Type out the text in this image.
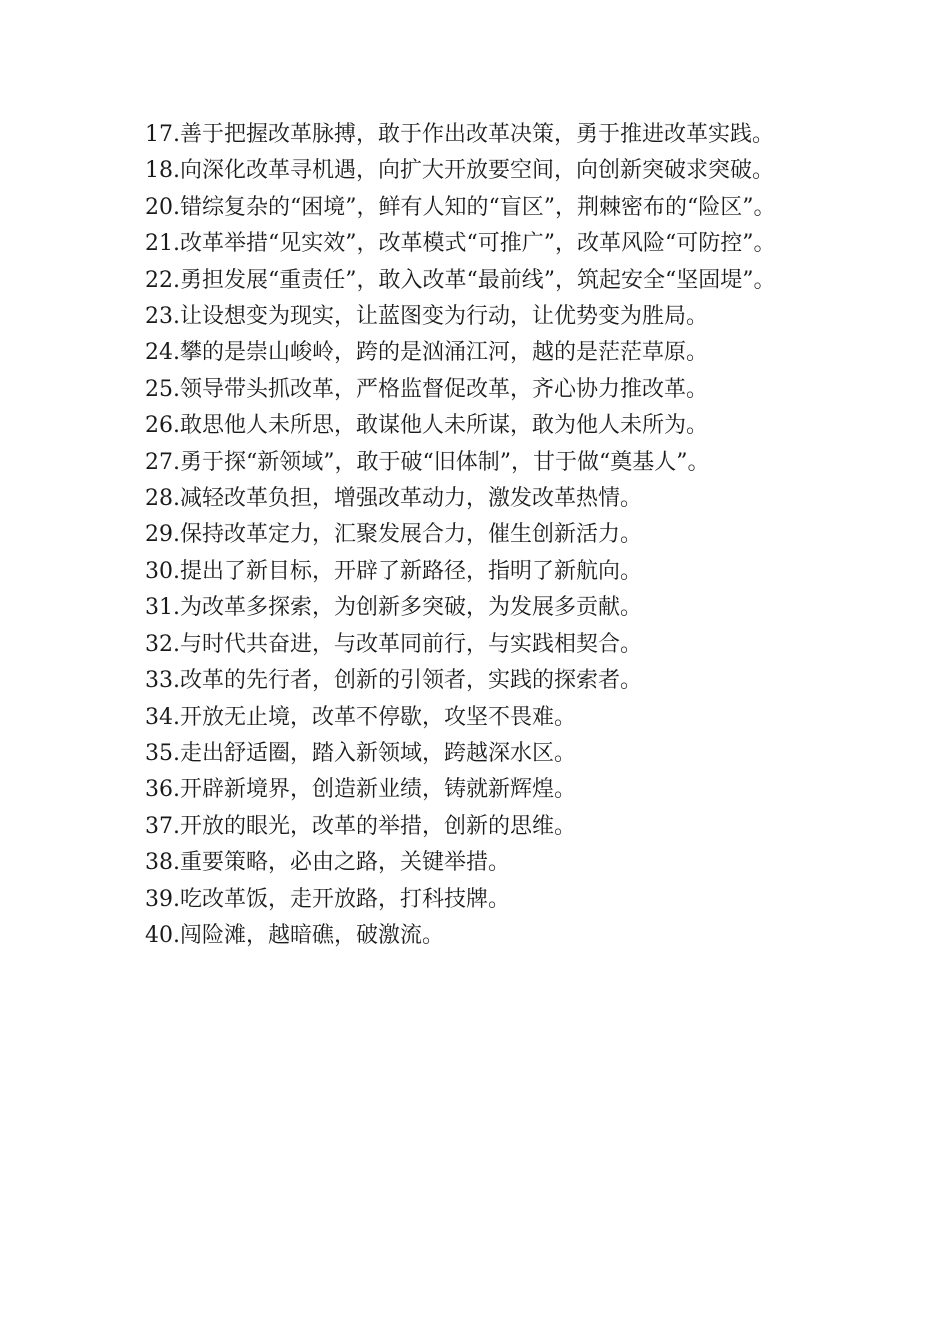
17.善于把握改革脉搏，敢于作出改革决策，勇于推进改革实践。

18.向深化改革寻机遇，向扩大开放要空间，向创新突破求突破。

20.错综复杂的“困境”，鲜有人知的“盲区”，荆棘密布的“险区”。

21.改革举措“见实效”，改革模式“可推广”，改革风险“可防控”。

22.勇担发展“重责任”，敢入改革“最前线”，筑起安全“坚固堤”。

23.让设想变为现实，让蓝图变为行动，让优势变为胜局。

24.攀的是崇山峻岭，跨的是汹涌江河，越的是茫茫草原。

25.领导带头抓改革，严格监督促改革，齐心协力推改革。

26.敢思他人未所思，敢谋他人未所谋，敢为他人未所为。

27.勇于探“新领域”，敢于破“旧体制”，甘于做“奠基人”。

28.减轻改革负担，增强改革动力，激发改革热情。

29.保持改革定力，汇聚发展合力，催生创新活力。

30.提出了新目标，开辟了新路径，指明了新航向。

31.为改革多探索，为创新多突破，为发展多贡献。

32.与时代共奋进，与改革同前行，与实践相契合。

33.改革的先行者，创新的引领者，实践的探索者。

34.开放无止境，改革不停歇，攻坚不畏难。

35.走出舒适圈，踏入新领域，跨越深水区。

36.开辟新境界，创造新业绩，铸就新辉煌。

37.开放的眼光，改革的举措，创新的思维。

38.重要策略，必由之路，关键举措。

39.吃改革饭，走开放路，打科技牌。

40.闯险滩，越暗礁，破激流。
